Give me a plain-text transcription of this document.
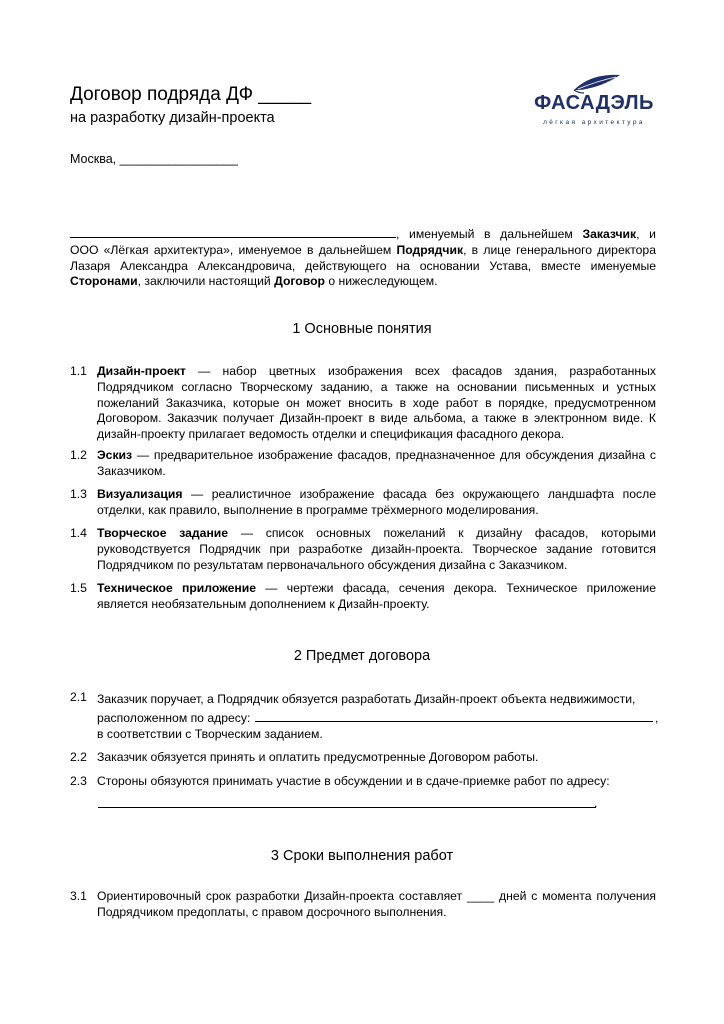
Договор подряда ДФ _____
на разработку дизайн-проекта
Москва, _________________
ФАСАДЭЛЬ
лёгкая архитектура
, именуемый в дальнейшем Заказчик, и ООО «Лёгкая архитектура», именуемое в дальнейшем Подрядчик, в лице генерального директора Лазаря Александра Александровича, действующего на основании Устава, вместе именуемые Сторонами, заключили настоящий Договор о нижеследующем.
1 Основные понятия
1.1 Дизайн-проект — набор цветных изображения всех фасадов здания, разработанных Подрядчиком согласно Творческому заданию, а также на основании письменных и устных пожеланий Заказчика, которые он может вносить в ходе работ в порядке, предусмотренном Договором. Заказчик получает Дизайн-проект в виде альбома, а также в электронном виде. К дизайн-проекту прилагает ведомость отделки и спецификация фасадного декора.
1.2 Эскиз — предварительное изображение фасадов, предназначенное для обсуждения дизайна с Заказчиком.
1.3 Визуализация — реалистичное изображение фасада без окружающего ландшафта после отделки, как правило, выполнение в программе трёхмерного моделирования.
1.4 Творческое задание — список основных пожеланий к дизайну фасадов, которыми руководствуется Подрядчик при разработке дизайн-проекта. Творческое задание готовится Подрядчиком по результатам первоначального обсуждения дизайна с Заказчиком.
1.5 Техническое приложение — чертежи фасада, сечения декора. Техническое приложение является необязательным дополнением к Дизайн-проекту.
2 Предмет договора
2.1 Заказчик поручает, а Подрядчик обязуется разработать Дизайн-проект объекта недвижимости,
расположенном по адресу:	,
в соответствии с Творческим заданием.
2.2 Заказчик обязуется принять и оплатить предусмотренные Договором работы.
2.3 Стороны обязуются принимать участие в обсуждении и в сдаче-приемке работ по адресу:
.
3 Сроки выполнения работ
3.1 Ориентировочный срок разработки Дизайн-проекта составляет ____ дней с момента получения Подрядчиком предоплаты, с правом досрочного выполнения.
